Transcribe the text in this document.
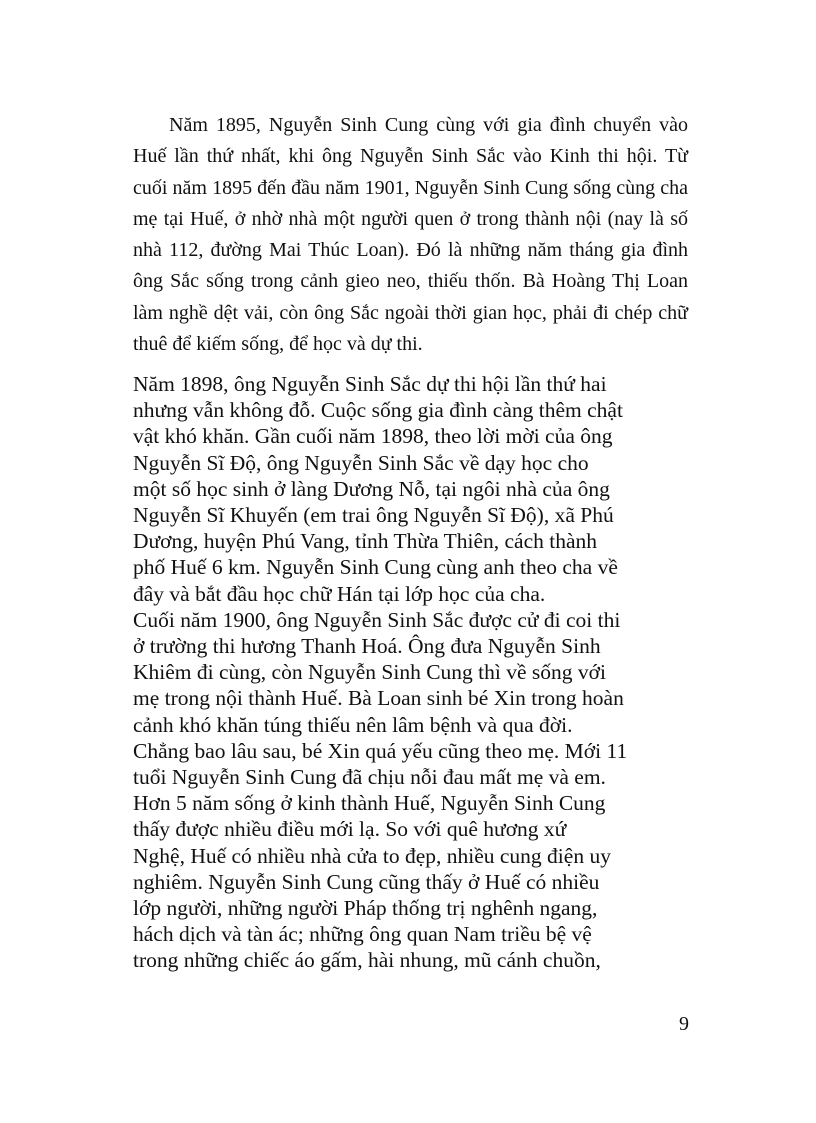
Năm 1895, Nguyễn Sinh Cung cùng với gia đình chuyển vào Huế lần thứ nhất, khi ông Nguyễn Sinh Sắc vào Kinh thi hội. Từ cuối năm 1895 đến đầu năm 1901, Nguyễn Sinh Cung sống cùng cha mẹ tại Huế, ở nhờ nhà một người quen ở trong thành nội (nay là số nhà 112, đường Mai Thúc Loan). Đó là những năm tháng gia đình ông Sắc sống trong cảnh gieo neo, thiếu thốn. Bà Hoàng Thị Loan làm nghề dệt vải, còn ông Sắc ngoài thời gian học, phải đi chép chữ thuê để kiếm sống, để học và dự thi.

Năm 1898, ông Nguyễn Sinh Sắc dự thi hội lần thứ hai
nhưng vẫn không đỗ. Cuộc sống gia đình càng thêm chật
vật khó khăn. Gần cuối năm 1898, theo lời mời của ông
Nguyễn Sĩ Độ, ông Nguyễn Sinh Sắc về dạy học cho
một số học sinh ở làng Dương Nỗ, tại ngôi nhà của ông
Nguyễn Sĩ Khuyến (em trai ông Nguyễn Sĩ Độ), xã Phú
Dương, huyện Phú Vang, tỉnh Thừa Thiên, cách thành
phố Huế 6 km. Nguyễn Sinh Cung cùng anh theo cha về
đây và bắt đầu học chữ Hán tại lớp học của cha.
Cuối năm 1900, ông Nguyễn Sinh Sắc được cử đi coi thi
ở trường thi hương Thanh Hoá. Ông đưa Nguyễn Sinh
Khiêm đi cùng, còn Nguyễn Sinh Cung thì về sống với
mẹ trong nội thành Huế. Bà Loan sinh bé Xin trong hoàn
cảnh khó khăn túng thiếu nên lâm bệnh và qua đời.
Chẳng bao lâu sau, bé Xin quá yếu cũng theo mẹ. Mới 11
tuổi Nguyễn Sinh Cung đã chịu nỗi đau mất mẹ và em.
Hơn 5 năm sống ở kinh thành Huế, Nguyễn Sinh Cung
thấy được nhiều điều mới lạ. So với quê hương xứ
Nghệ, Huế có nhiều nhà cửa to đẹp, nhiều cung điện uy
nghiêm. Nguyễn Sinh Cung cũng thấy ở Huế có nhiều
lớp người, những người Pháp thống trị nghênh ngang,
hách dịch và tàn ác; những ông quan Nam triều bệ vệ
trong những chiếc áo gấm, hài nhung, mũ cánh chuồn,
9
